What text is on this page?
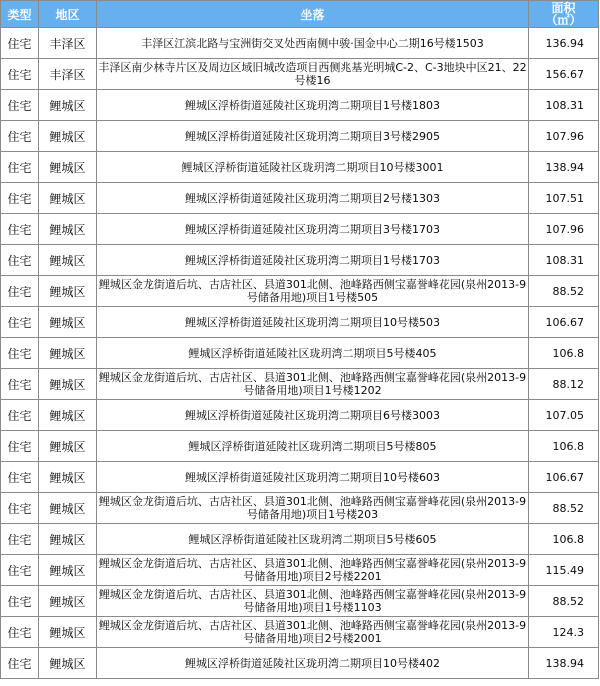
类型	地区	坐落	面积
（㎡）

住宅	丰泽区	丰泽区江滨北路与宝洲街交叉处西南侧中骏·国金中心二期16号楼1503	136.94
住宅	丰泽区	丰泽区南少林寺片区及周边区域旧城改造项目西侧兆基光明城C-2、C-3地块中区21、22号楼16	156.67
住宅	鲤城区	鲤城区浮桥街道延陵社区珑玥湾二期项目1号楼1803	108.31
住宅	鲤城区	鲤城区浮桥街道延陵社区珑玥湾二期项目3号楼2905	107.96
住宅	鲤城区	鲤城区浮桥街道延陵社区珑玥湾二期项目10号楼3001	138.94
住宅	鲤城区	鲤城区浮桥街道延陵社区珑玥湾二期项目2号楼1303	107.51
住宅	鲤城区	鲤城区浮桥街道延陵社区珑玥湾二期项目3号楼1703	107.96
住宅	鲤城区	鲤城区浮桥街道延陵社区珑玥湾二期项目1号楼1703	108.31
住宅	鲤城区	鲤城区金龙街道后坑、古店社区、县道301北侧、池峰路西侧宝嘉誉峰花园(泉州2013-9号储备用地)项目1号楼505	88.52
住宅	鲤城区	鲤城区浮桥街道延陵社区珑玥湾二期项目10号楼503	106.67
住宅	鲤城区	鲤城区浮桥街道延陵社区珑玥湾二期项目5号楼405	106.8
住宅	鲤城区	鲤城区金龙街道后坑、古店社区、县道301北侧、池峰路西侧宝嘉誉峰花园(泉州2013-9号储备用地)项目1号楼1202	88.12
住宅	鲤城区	鲤城区浮桥街道延陵社区珑玥湾二期项目6号楼3003	107.05
住宅	鲤城区	鲤城区浮桥街道延陵社区珑玥湾二期项目5号楼805	106.8
住宅	鲤城区	鲤城区浮桥街道延陵社区珑玥湾二期项目10号楼603	106.67
住宅	鲤城区	鲤城区金龙街道后坑、古店社区、县道301北侧、池峰路西侧宝嘉誉峰花园(泉州2013-9号储备用地)项目1号楼203	88.52
住宅	鲤城区	鲤城区浮桥街道延陵社区珑玥湾二期项目5号楼605	106.8
住宅	鲤城区	鲤城区金龙街道后坑、古店社区、县道301北侧、池峰路西侧宝嘉誉峰花园(泉州2013-9号储备用地)项目2号楼2201	115.49
住宅	鲤城区	鲤城区金龙街道后坑、古店社区、县道301北侧、池峰路西侧宝嘉誉峰花园(泉州2013-9号储备用地)项目1号楼1103	88.52
住宅	鲤城区	鲤城区金龙街道后坑、古店社区、县道301北侧、池峰路西侧宝嘉誉峰花园(泉州2013-9号储备用地)项目2号楼2001	124.3
住宅	鲤城区	鲤城区浮桥街道延陵社区珑玥湾二期项目10号楼402	138.94
